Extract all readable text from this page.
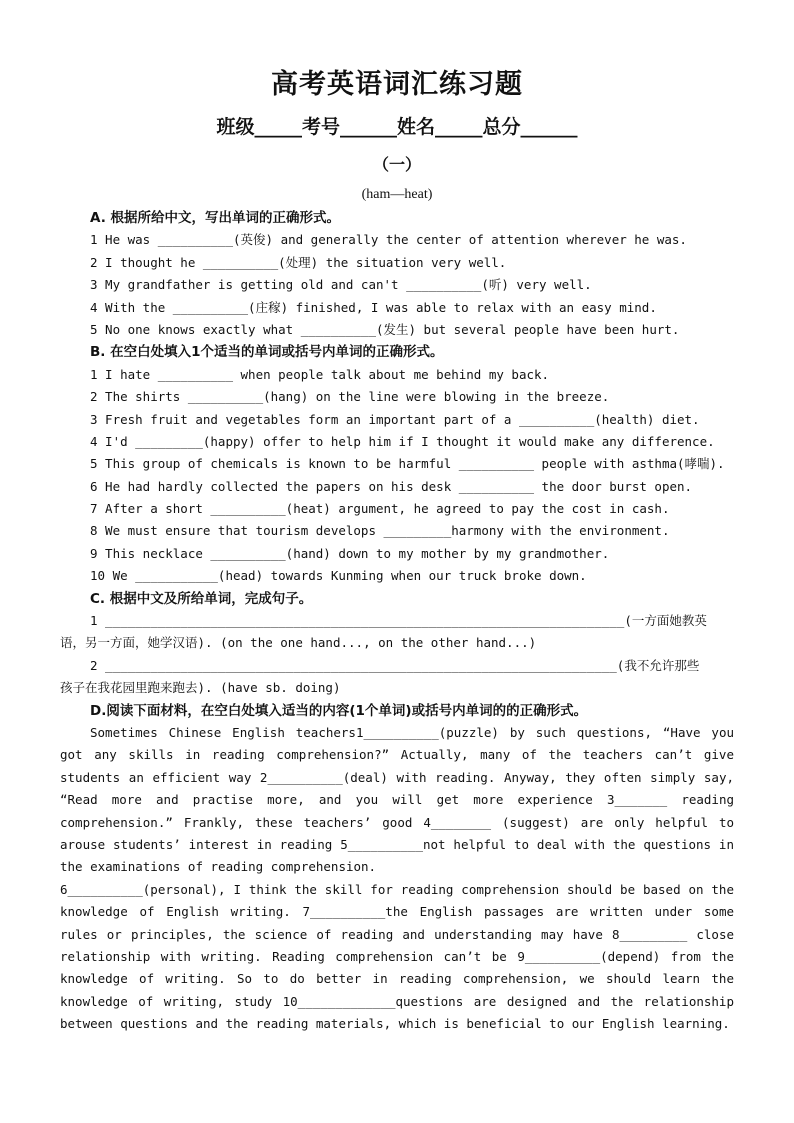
高考英语词汇练习题
班级_____考号______姓名_____总分______
（一）
(ham—heat)
A. 根据所给中文，写出单词的正确形式。
1 He was __________(英俊) and generally the center of attention wherever he was.
2 I thought he __________(处理) the situation very well.
3 My grandfather is getting old and can't __________(听) very well.
4 With the __________(庄稼) finished, I was able to relax with an easy mind.
5 No one knows exactly what __________(发生) but several people have been hurt.
B. 在空白处填入1个适当的单词或括号内单词的正确形式。
1 I hate __________ when people talk about me behind my back.
2 The shirts __________(hang) on the line were blowing in the breeze.
3 Fresh fruit and vegetables form an important part of a __________(health) diet.
4 I'd _________(happy) offer to help him if I thought it would make any difference.
5 This group of chemicals is known to be harmful __________ people with asthma(哮喘).
6 He had hardly collected the papers on his desk __________ the door burst open.
7 After a short __________(heat) argument, he agreed to pay the cost in cash.
8 We must ensure that tourism develops _________harmony with the environment.
9 This necklace __________(hand) down to my mother by my grandmother.
10 We ___________(head) towards Kunming when our truck broke down.
C. 根据中文及所给单词，完成句子。
1 _____________________________________________________________________(一方面她教英
语，另一方面，她学汉语). (on the one hand..., on the other hand...)
2 ____________________________________________________________________(我不允许那些
孩子在我花园里跑来跑去). (have sb. doing)
D.阅读下面材料，在空白处填入适当的内容(1个单词)或括号内单词的的正确形式。
Sometimes Chinese English teachers1__________(puzzle) by such questions, “Have you got any skills in reading comprehension?” Actually, many of the teachers can’t give students an efficient way 2__________(deal) with reading. Anyway, they often simply say, “Read more and practise more, and you will get more experience 3_______ reading comprehension.” Frankly, these teachers’ good 4________ (suggest) are only helpful to arouse students’ interest in reading 5__________not helpful to deal with the questions in the examinations of reading comprehension.
6__________(personal), I think the skill for reading comprehension should be based on the knowledge of English writing. 7__________the English passages are written under some rules or principles, the science of reading and understanding may have 8_________ close relationship with writing. Reading comprehension can’t be 9__________(depend) from the knowledge of writing. So to do better in reading comprehension, we should learn the knowledge of writing, study 10_____________questions are designed and the relationship between questions and the reading materials, which is beneficial to our English learning.
